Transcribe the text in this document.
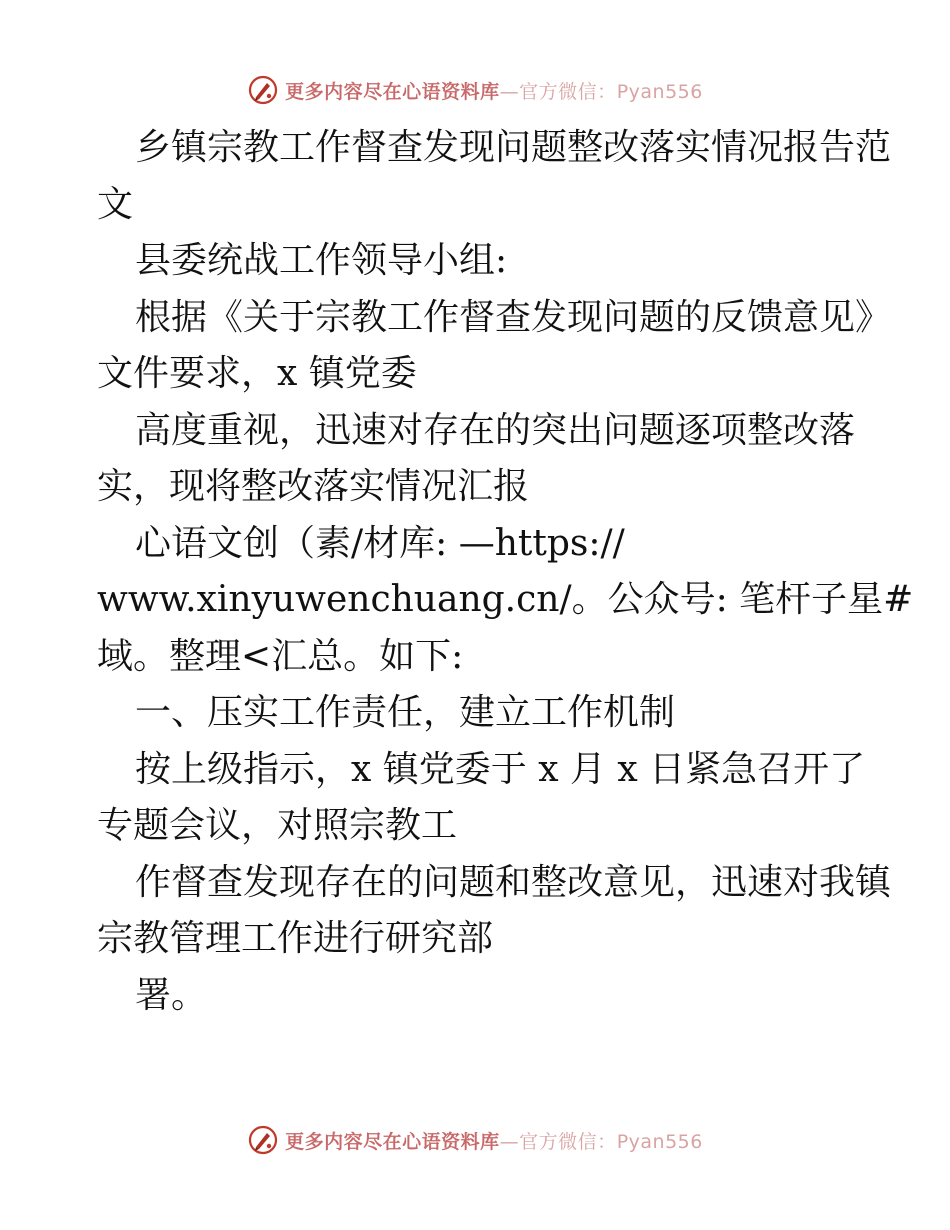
更多内容尽在心语资料库—官方微信：Pyan556

乡镇宗教工作督查发现问题整改落实情况报告范

文

县委统战工作领导小组:

根据《关于宗教工作督查发现问题的反馈意见》

文件要求，x 镇党委

高度重视，迅速对存在的突出问题逐项整改落

实，现将整改落实情况汇报

心语文创（素/材库: —https://

www.xinyuwenchuang.cn/。公众号: 笔杆子星#

域。整理<汇总。如下:

一、压实工作责任，建立工作机制

按上级指示，x 镇党委于 x 月 x 日紧急召开了

专题会议，对照宗教工

作督查发现存在的问题和整改意见，迅速对我镇

宗教管理工作进行研究部

署。

更多内容尽在心语资料库—官方微信：Pyan556
